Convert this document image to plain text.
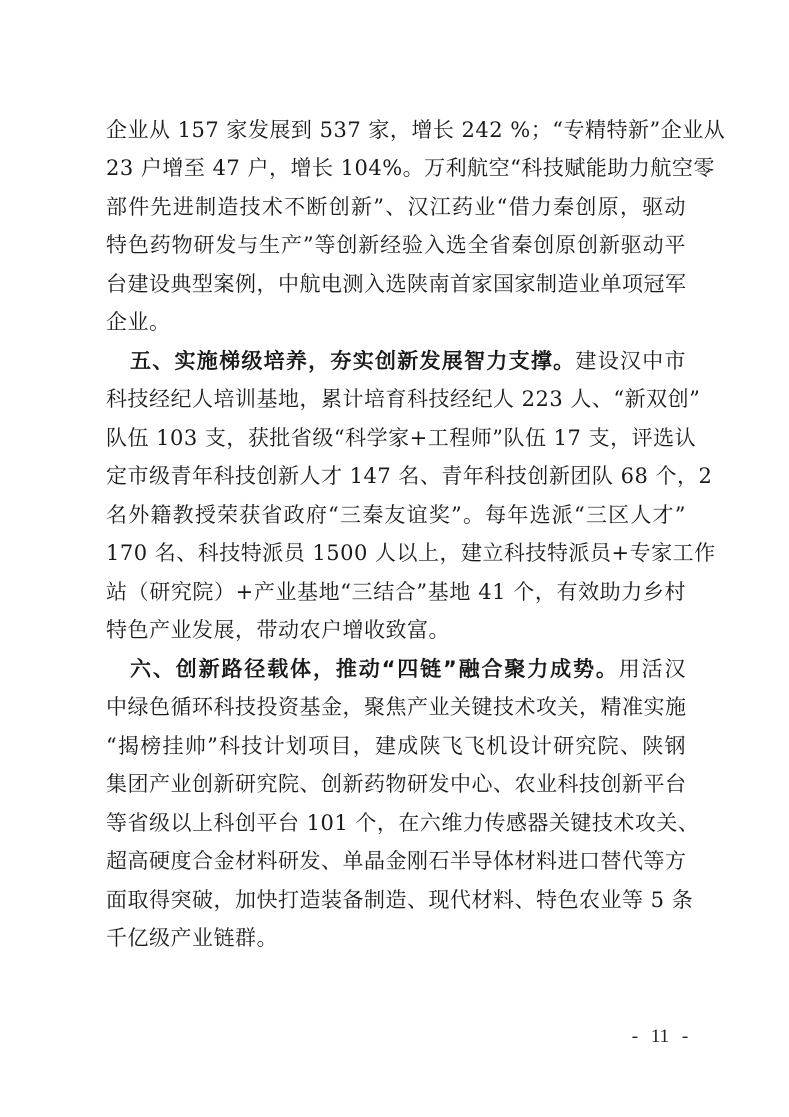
企业从 157 家发展到 537 家，增长 242 %；“专精特新”企业从
23 户增至 47 户，增长 104%。万利航空“科技赋能助力航空零
部件先进制造技术不断创新”、汉江药业“借力秦创原，驱动
特色药物研发与生产”等创新经验入选全省秦创原创新驱动平
台建设典型案例，中航电测入选陕南首家国家制造业单项冠军
企业。
五、实施梯级培养，夯实创新发展智力支撑。建设汉中市
科技经纪人培训基地，累计培育科技经纪人 223 人、“新双创”
队伍 103 支，获批省级“科学家+工程师”队伍 17 支，评选认
定市级青年科技创新人才 147 名、青年科技创新团队 68 个，2
名外籍教授荣获省政府“三秦友谊奖”。每年选派“三区人才”
170 名、科技特派员 1500 人以上，建立科技特派员+专家工作
站（研究院）+产业基地“三结合”基地 41 个，有效助力乡村
特色产业发展，带动农户增收致富。
六、创新路径载体，推动“四链”融合聚力成势。用活汉
中绿色循环科技投资基金，聚焦产业关键技术攻关，精准实施
“揭榜挂帅”科技计划项目，建成陕飞飞机设计研究院、陕钢
集团产业创新研究院、创新药物研发中心、农业科技创新平台
等省级以上科创平台 101 个，在六维力传感器关键技术攻关、
超高硬度合金材料研发、单晶金刚石半导体材料进口替代等方
面取得突破，加快打造装备制造、现代材料、特色农业等 5 条
千亿级产业链群。
- 11 -
